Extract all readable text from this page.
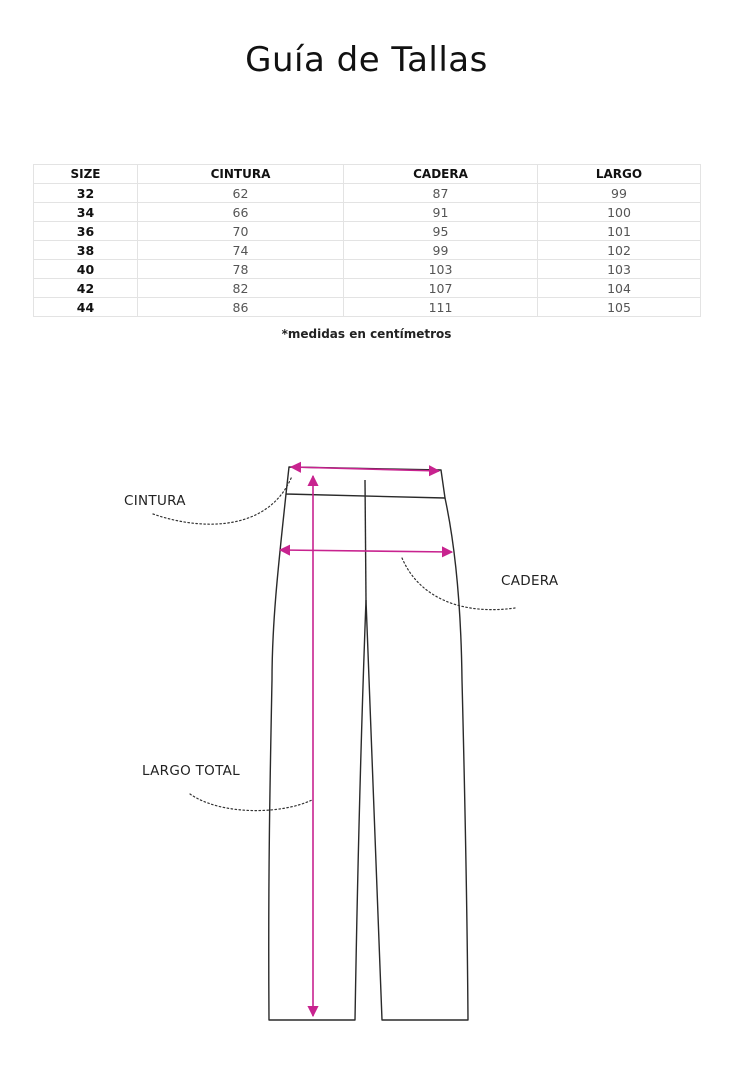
Guía de Tallas
SIZE	CINTURA	CADERA	LARGO
32	62	87	99
34	66	91	100
36	70	95	101
38	74	99	102
40	78	103	103
42	82	107	104
44	86	111	105

*medidas en centímetros

CINTURA
CADERA
LARGO TOTAL
